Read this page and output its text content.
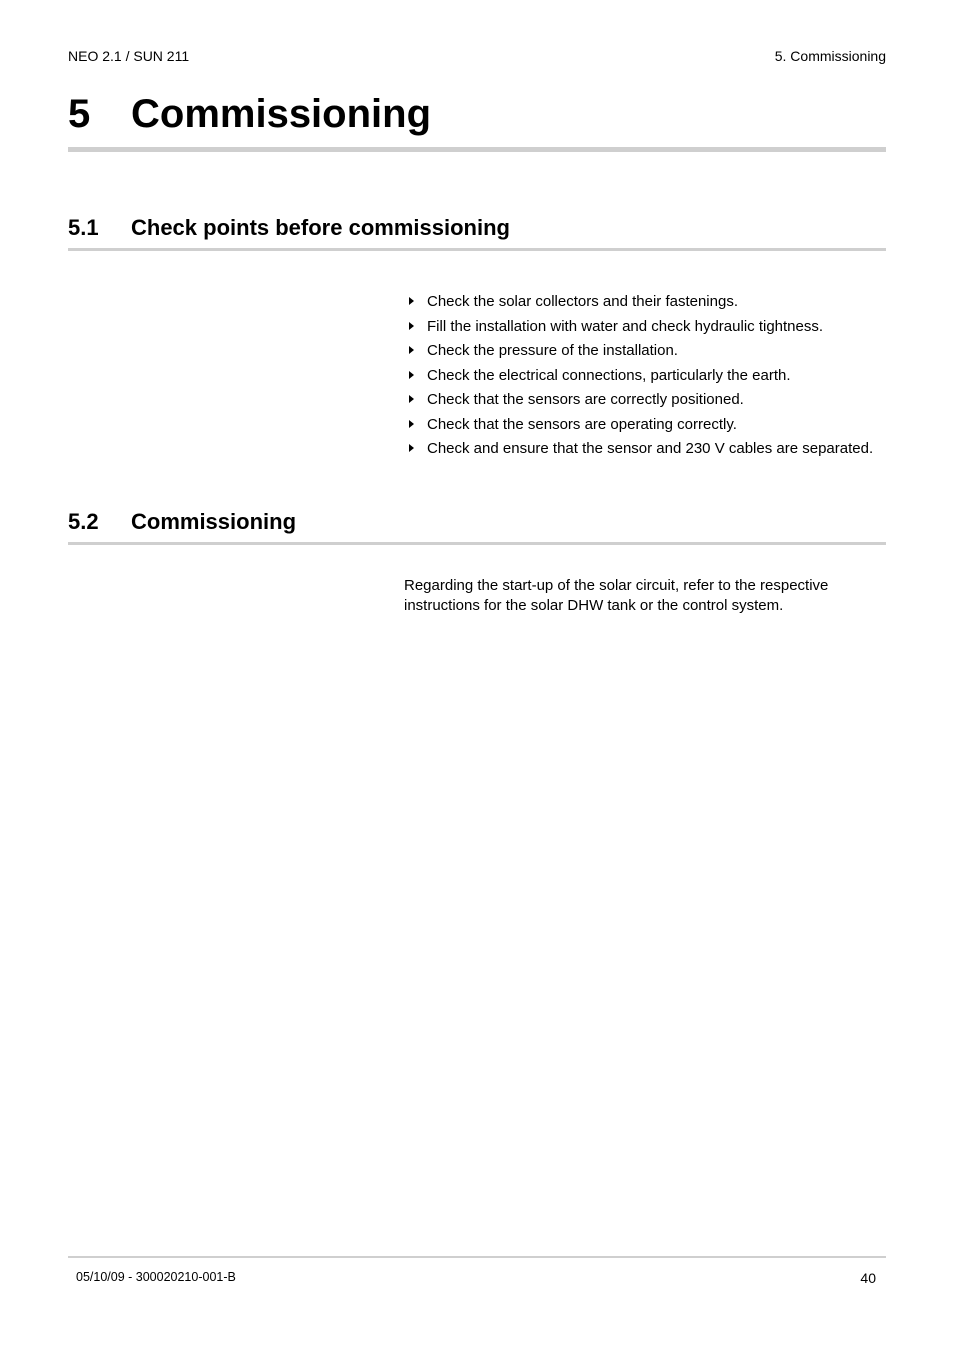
NEO 2.1 / SUN 211	5. Commissioning
5 Commissioning
5.1 Check points before commissioning
Check the solar collectors and their fastenings.
Fill the installation with water and check hydraulic tightness.
Check the pressure of the installation.
Check the electrical connections, particularly the earth.
Check that the sensors are correctly positioned.
Check that the sensors are operating correctly.
Check and ensure that the sensor and 230 V cables are separated.
5.2 Commissioning

Regarding the start-up of the solar circuit, refer to the respective instructions for the solar DHW tank or the control system.

05/10/09 - 300020210-001-B	40
